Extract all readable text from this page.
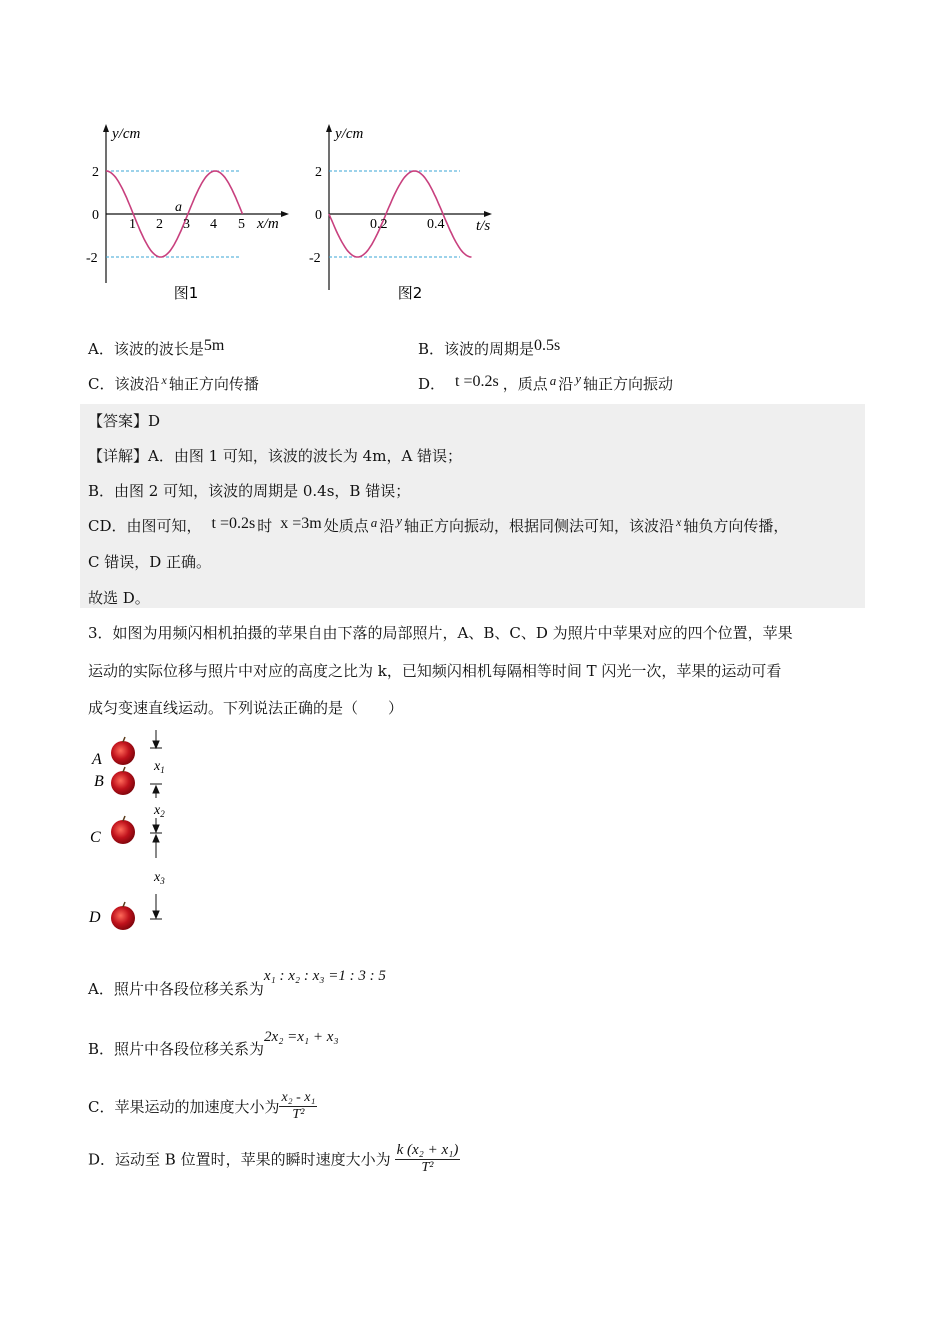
y/cm
2
0
-2
1 2 3 4 5
a
x/m
图1
y/cm
2
0
-2
0.2	0.4 t/s
图2
A．该波的波长是5m	B．该波的周期是0.5s
C．该波沿 $^x$ 轴正方向传播	D． t =0.2s ，质点 a 沿 y 轴正方向振动
【答案】D
【详解】A．由图 1 可知，该波的波长为 4m，A 错误；
B．由图 2 可知，该波的周期是 0.4s，B 错误；
CD．由图可知， t =0.2s 时 x =3m 处质点 a 沿 y 轴正方向振动，根据同侧法可知，该波沿 $^x$ 轴负方向传播，
C 错误，D 正确。
故选 D。
3．如图为用频闪相机拍摄的苹果自由下落的局部照片，A、B、C、D 为照片中苹果对应的四个位置，苹果
运动的实际位移与照片中对应的高度之比为 k，已知频闪相机每隔相等时间 T 闪光一次，苹果的运动可看
成匀变速直线运动。下列说法正确的是（　　）
A
B
C
D
$x_1$
$x_2$
$x_3$
A．照片中各段位移关系为x₁ : x₂ : x₃ =1 : 3 : 5
B．照片中各段位移关系为2x₂ =x₁ + x₃
C．苹果运动的加速度大小为 $\frac{\text{x₂ - x₁}}{\text{T²}}$
D．运动至 B 位置时，苹果的瞬时速度大小为 $\frac{\text{k (x₂ + x₁)}}{\text{T²}}$
